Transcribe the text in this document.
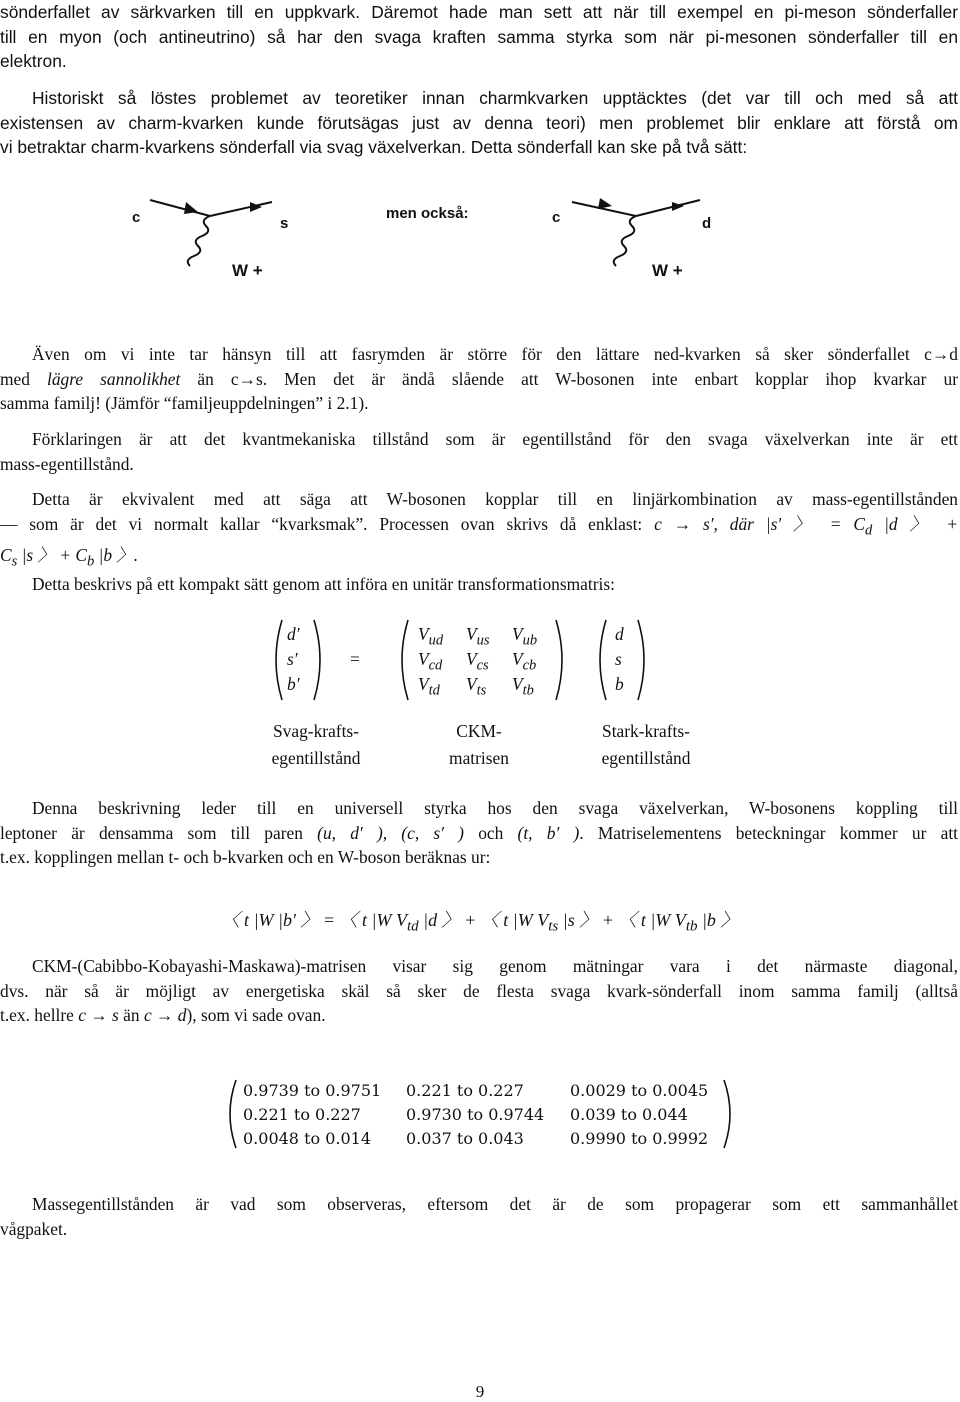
sönderfallet av särkvarken till en uppkvark. Däremot hade man sett att när till exempel en pi-meson sönderfaller
till en myon (och antineutrino) så har den svaga kraften samma styrka som när pi-mesonen sönderfaller till en
elektron.
Historiskt så löstes problemet av teoretiker innan charmkvarken upptäcktes (det var till och med så att
existensen av charm-kvarken kunde förutsägas just av denna teori) men problemet blir enklare att förstå om
vi betraktar charm-kvarkens sönderfall via svag växelverkan. Detta sönderfall kan ske på två sätt:
c	s
W +
men också:	c	d
W +
Även om vi inte tar hänsyn till att fasrymden är större för den lättare ned-kvarken så sker sönderfallet c→d
med lägre sannolikhet än c→s. Men det är ändå slående att W-bosonen inte enbart kopplar ihop kvarkar ur
samma familj! (Jämför “familjeuppdelningen” i 2.1).
Förklaringen är att det kvantmekaniska tillstånd som är egentillstånd för den svaga växelverkan inte är ett
mass-egentillstånd.
Detta är ekvivalent med att säga att W-bosonen kopplar till en linjärkombination av mass-egentillstånden
— som är det vi normalt kallar “kvarksmak”. Processen ovan skrivs då enklast: c → s′, där |s′ 〉 = $C_d$ |d 〉 +
$C_s$ |s 〉 + $C_b$ |b 〉.
Detta beskrivs på ett kompakt sätt genom att införa en unitär transformationsmatris:
d′
s′
b′
=
$V_{ud}$ $V_{us}$ $V_{ub}$
$V_{cd}$ $V_{cs}$ $V_{cb}$
$V_{td}$ $V_{ts}$ $V_{tb}$
d
s
b
Svag-krafts-
egentillstånd
CKM-
matrisen
Stark-krafts-
egentillstånd
Denna beskrivning leder till en universell styrka hos den svaga växelverkan, W-bosonens koppling till
leptoner är densamma som till paren (u, d′ ), (c, s′ ) och (t, b′ ). Matriselementens beteckningar kommer ur att
t.ex. kopplingen mellan t- och b-kvarken och en W-boson beräknas ur:
〈 t |W |b′ 〉 = 〈 t |W $V_{td}$ |d 〉 + 〈 t |W $V_{ts}$ |s 〉 + 〈 t |W $V_{tb}$ |b 〉
CKM-(Cabibbo-Kobayashi-Maskawa)-matrisen visar sig genom mätningar vara i det närmaste diagonal,
dvs. när så är möjligt av energetiska skäl så sker de flesta svaga kvark-sönderfall inom samma familj (alltså
t.ex. hellre c → s än c → d), som vi sade ovan.
0.9739 to 0.9751 0.221 to 0.227	0.0029 to 0.0045
0.221 to 0.227	0.9730 to 0.9744 0.039 to 0.044
0.0048 to 0.014 0.037 to 0.043	0.9990 to 0.9992
Massegentillstånden är vad som observeras, eftersom det är de som propagerar som ett sammanhållet
vågpaket.
9
